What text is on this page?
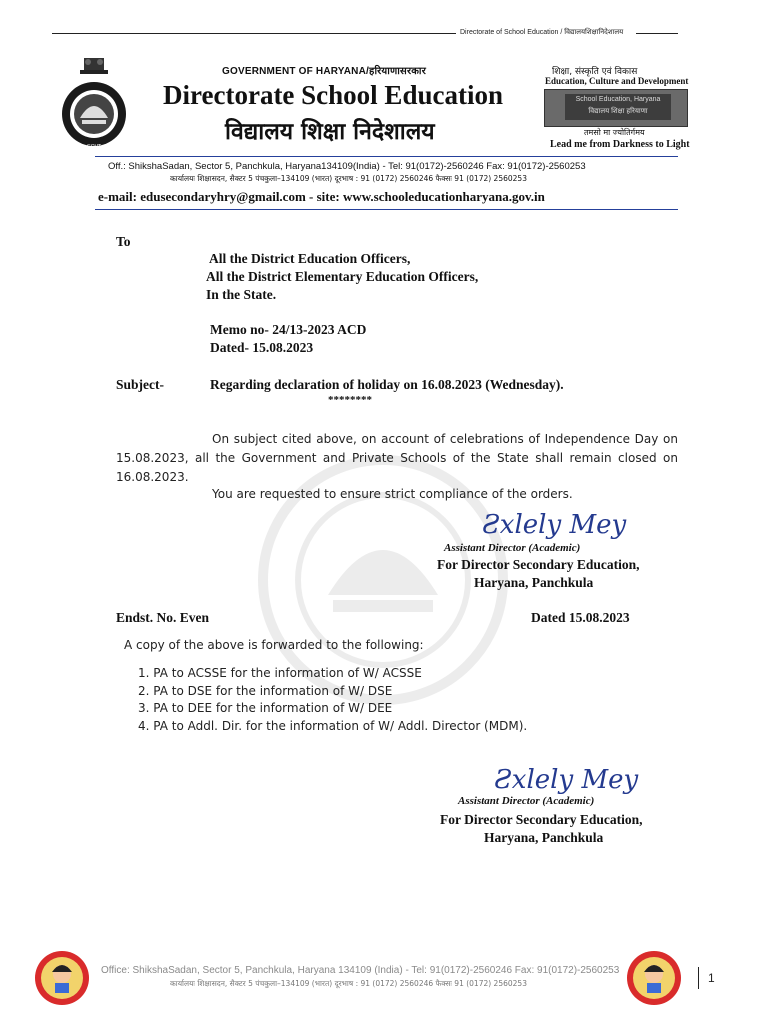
Directorate of School Education / विद्यालयशिक्षानिदेशालय
GOVT
GOVERNMENT OF HARYANA/हरियाणासरकार
Directorate School Education
विद्यालय शिक्षा निदेशालय
शिक्षा, संस्कृति एवं विकास
Education, Culture and Development
School Education, Haryana
विद्यालय शिक्षा हरियाणा
तमसो मा ज्योतिर्गमय
Lead me from Darkness to Light
Off.: ShikshaSadan, Sector 5, Panchkula, Haryana134109(India) - Tel: 91(0172)-2560246 Fax: 91(0172)-2560253
कार्यालयः शिक्षासदन, सैक्टर 5 पंचकुला–134109 (भारत) दूरभाष : 91 (0172) 2560246 फैक्सः 91 (0172) 2560253
e-mail: edusecondaryhry@gmail.com - site: www.schooleducationharyana.gov.in
To
All the District Education Officers,
All the District Elementary Education Officers,
In the State.
Memo no- 24/13-2023 ACD
Dated- 15.08.2023
Subject-	Regarding declaration of holiday on 16.08.2023 (Wednesday).
********
On subject cited above, on account of celebrations of Independence Day on 15.08.2023, all the Government and Private Schools of the State shall remain closed on 16.08.2023.
You are requested to ensure strict compliance of the orders.
Ƨxlely Mey
Assistant Director (Academic)
For Director Secondary Education,
Haryana, Panchkula
Endst. No. Even	Dated 15.08.2023
A copy of the above is forwarded to the following:
1. PA to ACSSE for the information of W/ ACSSE
2. PA to DSE for the information of W/ DSE
3. PA to DEE for the information of W/ DEE
4. PA to Addl. Dir. for the information of W/ Addl. Director (MDM).
Ƨxlely Mey
Assistant Director (Academic)
For Director Secondary Education,
Haryana, Panchkula
Office: ShikshaSadan, Sector 5, Panchkula, Haryana 134109 (India) - Tel: 91(0172)-2560246 Fax: 91(0172)-2560253
कार्यालयः शिक्षासदन, सैक्टर 5 पंचकुला–134109 (भारत) दूरभाष : 91 (0172) 2560246 फैक्सः 91 (0172) 2560253	1
